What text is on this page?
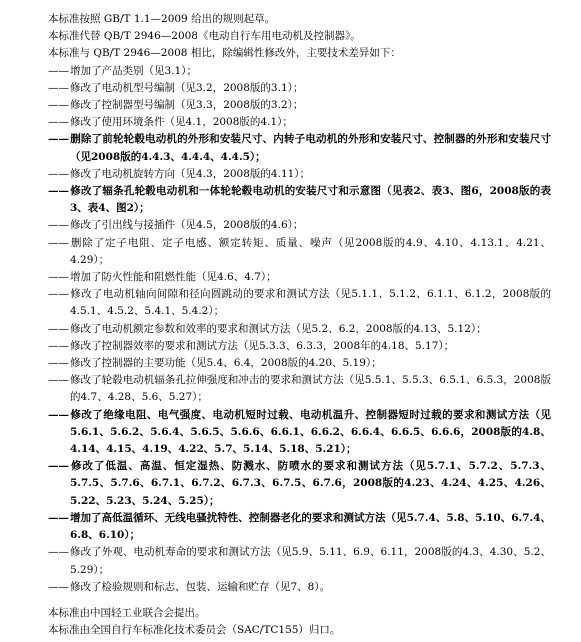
本标准按照 GB/T 1.1—2009 给出的规则起草。

本标准代替 QB/T 2946—2008《电动自行车用电动机及控制器》。

本标准与 QB/T 2946—2008 相比，除编辑性修改外，主要技术差异如下：

——增加了产品类别（见3.1）；

——修改了电动机型号编制（见3.2，2008版的3.1）；

——修改了控制器型号编制（见3.3，2008版的3.2）；

——修改了使用环境条件（见4.1，2008版的4.1）；

——删除了前轮轮毂电动机的外形和安装尺寸、内转子电动机的外形和安装尺寸、控制器的外形和安装尺寸（见2008版的4.4.3、4.4.4、4.4.5）；

——修改了电动机旋转方向（见4.3，2008版的4.11）；

——修改了辐条孔轮毂电动机和一体轮轮毂电动机的安装尺寸和示意图（见表2、表3、图6，2008版的表3、表4、图2）；

——修改了引出线与接插件（见4.5，2008版的4.6）；

——删除了定子电阻、定子电感、额定转矩、质量、噪声（见2008版的4.9、4.10、4.13.1、4.21、4.29）；

——增加了防火性能和阻燃性能（见4.6、4.7）；

——修改了电动机轴向间隙和径向圆跳动的要求和测试方法（见5.1.1、5.1.2、6.1.1、6.1.2，2008版的4.5.1、4.5.2、5.4.1、5.4.2）；

——修改了电动机额定参数和效率的要求和测试方法（见5.2、6.2，2008版的4.13、5.12）；

——修改了控制器效率的要求和测试方法（见5.3.3、6.3.3，2008年的4.18、5.17）；

——修改了控制器的主要功能（见5.4、6.4，2008版的4.20、5.19）；

——修改了轮毂电动机辐条孔拉伸强度和冲击的要求和测试方法（见5.5.1、5.5.3、6.5.1、6.5.3，2008版的4.7、4.28、5.6、5.27）；

——修改了绝缘电阻、电气强度、电动机短时过载、电动机温升、控制器短时过载的要求和测试方法（见5.6.1、5.6.2、5.6.4、5.6.5、5.6.6、6.6.1、6.6.2、6.6.4、6.6.5、6.6.6，2008版的4.8、4.14、4.15、4.19、4.22、5.7、5.14、5.18、5.21）；

——修改了低温、高温、恒定湿热、防溅水、防喷水的要求和测试方法（见5.7.1、5.7.2、5.7.3、5.7.5、5.7.6、6.7.1、6.7.2、6.7.3、6.7.5、6.7.6，2008版的4.23、4.24、4.25、4.26、5.22、5.23、5.24、5.25）；

——增加了高低温循环、无线电骚扰特性、控制器老化的要求和测试方法（见5.7.4、5.8、5.10、6.7.4、6.8、6.10）；

——修改了外观、电动机寿命的要求和测试方法（见5.9、5.11、6.9、6.11，2008版的4.3、4.30、5.2、5.29）；

——修改了检验规则和标志、包装、运输和贮存（见7、8）。

本标准由中国轻工业联合会提出。

本标准由全国自行车标准化技术委员会（SAC/TC155）归口。
